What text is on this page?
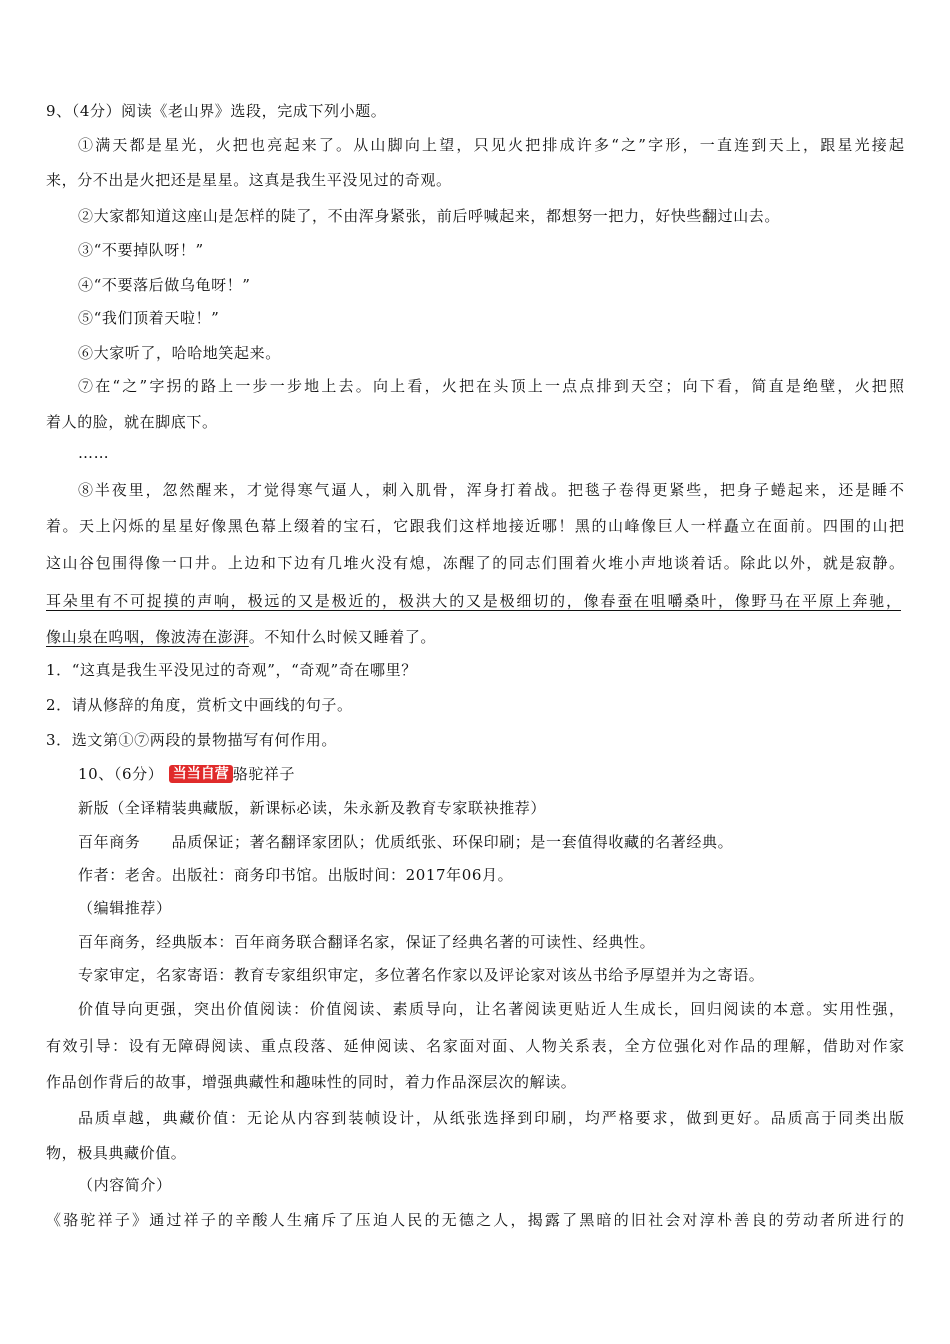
9、（4分）阅读《老山界》选段，完成下列小题。
①满天都是星光，火把也亮起来了。从山脚向上望，只见火把排成许多“之”字形，一直连到天上，跟星光接起
来，分不出是火把还是星星。这真是我生平没见过的奇观。
②大家都知道这座山是怎样的陡了，不由浑身紧张，前后呼喊起来，都想努一把力，好快些翻过山去。
③“不要掉队呀！”
④“不要落后做乌龟呀！”
⑤“我们顶着天啦！”
⑥大家听了，哈哈地笑起来。
⑦在“之”字拐的路上一步一步地上去。向上看，火把在头顶上一点点排到天空；向下看，简直是绝壁，火把照
着人的脸，就在脚底下。
……
⑧半夜里，忽然醒来，才觉得寒气逼人，刺入肌骨，浑身打着战。把毯子卷得更紧些，把身子蜷起来，还是睡不
着。天上闪烁的星星好像黑色幕上缀着的宝石，它跟我们这样地接近哪！黑的山峰像巨人一样矗立在面前。四围的山把
这山谷包围得像一口井。上边和下边有几堆火没有熄，冻醒了的同志们围着火堆小声地谈着话。除此以外，就是寂静。
耳朵里有不可捉摸的声响，极远的又是极近的，极洪大的又是极细切的，像春蚕在咀嚼桑叶，像野马在平原上奔驰，
像山泉在呜咽，像波涛在澎湃。不知什么时候又睡着了。
1．“这真是我生平没见过的奇观”，“奇观”奇在哪里？
2．请从修辞的角度，赏析文中画线的句子。
3．选文第①⑦两段的景物描写有何作用。
10、（6分） 当当自营 骆驼祥子
新版（全译精装典藏版，新课标必读，朱永新及教育专家联袂推荐）
百年商务　　品质保证；著名翻译家团队；优质纸张、环保印刷；是一套值得收藏的名著经典。
作者：老舍。出版社：商务印书馆。出版时间：2017年06月。
（编辑推荐）
百年商务，经典版本：百年商务联合翻译名家，保证了经典名著的可读性、经典性。
专家审定，名家寄语：教育专家组织审定，多位著名作家以及评论家对该丛书给予厚望并为之寄语。
价值导向更强，突出价值阅读：价值阅读、素质导向，让名著阅读更贴近人生成长，回归阅读的本意。实用性强，
有效引导：设有无障碍阅读、重点段落、延伸阅读、名家面对面、人物关系表，全方位强化对作品的理解，借助对作家
作品创作背后的故事，增强典藏性和趣味性的同时，着力作品深层次的解读。
品质卓越，典藏价值：无论从内容到装帧设计，从纸张选择到印刷，均严格要求，做到更好。品质高于同类出版
物，极具典藏价值。
（内容简介）
《骆驼祥子》通过祥子的辛酸人生痛斥了压迫人民的无德之人，揭露了黑暗的旧社会对淳朴善良的劳动者所进行的
